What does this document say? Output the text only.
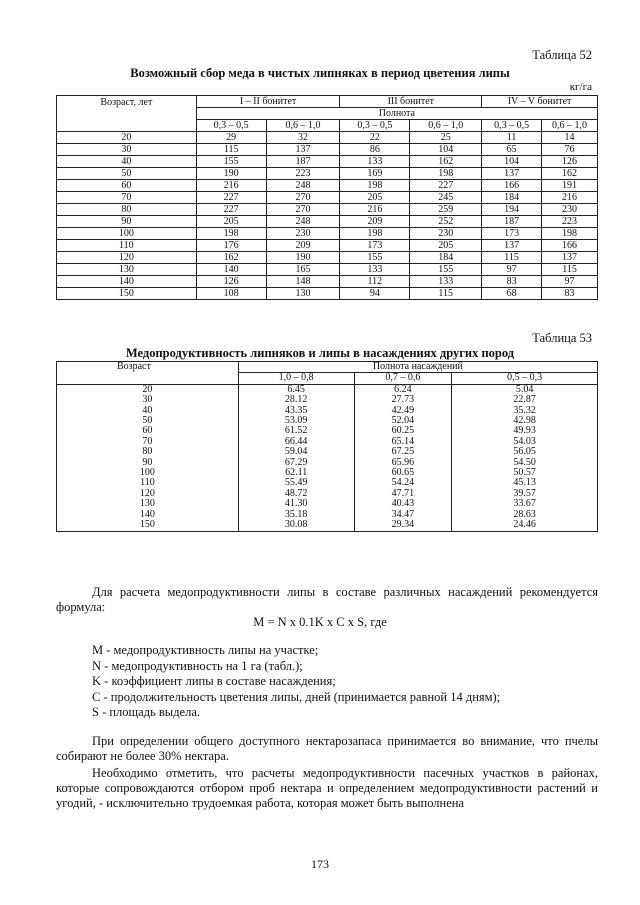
Таблица 52
Возможный сбор меда в чистых липняках в период цветения липы
кг/га
Возраст, лет	I – II бонитет		III бонитет		IV – V бонитет	
	Полнота					
	0,3 – 0,5	0,6 – 1,0	0,3 – 0,5	0,6 – 1,0	0,3 – 0,5	0,6 – 1,0
20	29	32	22	25	11	14
30	115	137	86	104	65	76
40	155	187	133	162	104	126
50	190	223	169	198	137	162
60	216	248	198	227	166	191
70	227	270	205	245	184	216
80	227	270	216	259	194	230
90	205	248	209	252	187	223
100	198	230	198	230	173	198
110	176	209	173	205	137	166
120	162	190	155	184	115	137
130	140	165	133	155	97	115
140	126	148	112	133	83	97
150	108	130	94	115	68	83
Таблица 53
Медопродуктивность липняков и липы в насаждениях других пород
Возраст	Полнота насаждений		
	1,0 – 0,8	0,7 – 0,6	0,5 – 0,3
20	6.45	6.24	5.04
30	28.12	27.73	22.87
40	43.35	42.49	35.32
50	53.09	52.04	42.98
60	61.52	60.25	49.93
70	66.44	65.14	54.03
80	59.04	67.25	56.05
90	67.29	65.96	54.50
100	62.11	60.65	50.57
110	55.49	54.24	45.13
120	48.72	47.71	39.57
130	41.30	40.43	33.67
140	35.18	34.47	28.63
150	30.08	29.34	24.46

Для расчета медопродуктивности липы в составе различных насаждений рекомендуется формула:

M = N x 0.1K x C x S, где
M - медопродуктивность липы на участке;
N - медопродуктивность на 1 га (табл.);
K - коэффициент липы в составе насаждения;
C - продолжительность цветения липы, дней (принимается равной 14 дням);
S - площадь выдела.

При определении общего доступного нектарозапаса принимается во внимание, что пчелы собирают не более 30% нектара.

Необходимо отметить, что расчеты медопродуктивности пасечных участков в районах, которые сопровождаются отбором проб нектара и определением медопродуктивности растений и угодий, - исключительно трудоемкая работа, которая может быть выполнена

173
